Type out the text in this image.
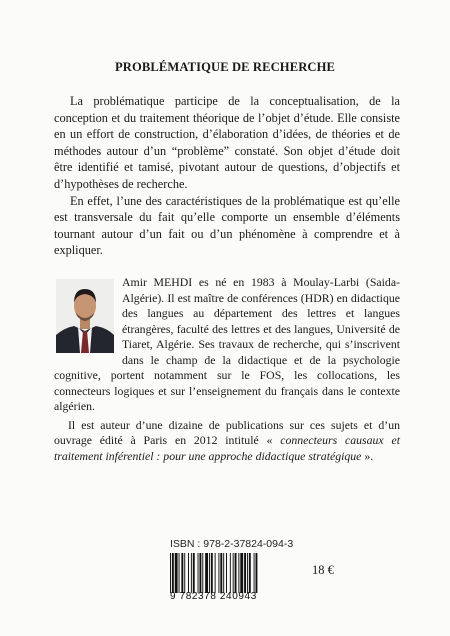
PROBLÉMATIQUE DE RECHERCHE

La problématique participe de la conceptualisation, de la conception et du traitement théorique de l’objet d’étude. Elle consiste en un effort de construction, d’élaboration d’idées, de théories et de méthodes autour d’un “problème” constaté. Son objet d’étude doit être identifié et tamisé, pivotant autour de questions, d’objectifs et d’hypothèses de recherche.

En effet, l’une des caractéristiques de la problématique est qu’elle est transversale du fait qu’elle comporte un ensemble d’éléments tournant autour d’un fait ou d’un phénomène à comprendre et à expliquer.

Amir MEHDI es né en 1983 à Moulay-Larbi (Saida-Algérie). Il est maître de conférences (HDR) en didactique des langues au département des lettres et langues étrangères, faculté des lettres et des langues, Université de Tiaret, Algérie. Ses travaux de recherche, qui s’inscrivent dans le champ de la didactique et de la psychologie cognitive, portent notamment sur le FOS, les collocations, les connecteurs logiques et sur l’enseignement du français dans le contexte algérien.

Il est auteur d’une dizaine de publications sur ces sujets et d’un ouvrage édité à Paris en 2012 intitulé « connecteurs causaux et traitement inférentiel : pour une approche didactique stratégique ».

ISBN : 978-2-37824-094-3
9 782378 240943
18 €
